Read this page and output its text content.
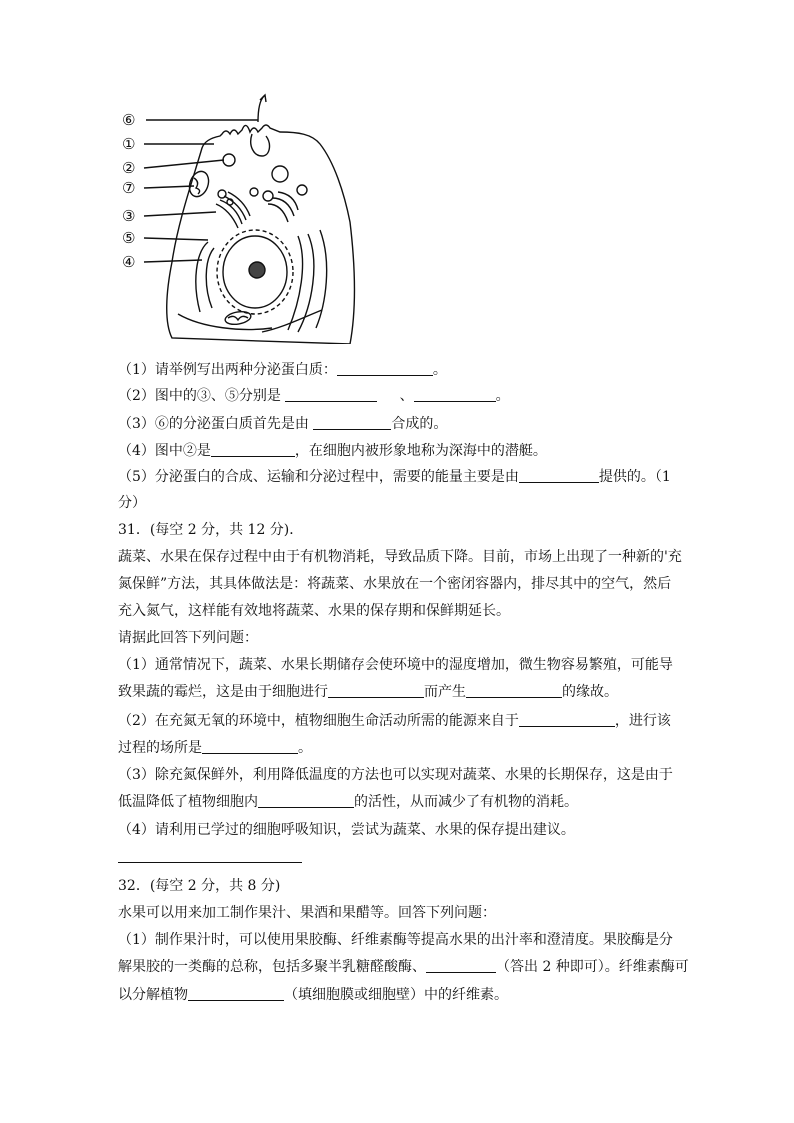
⑥
①
②
⑦
③
⑤
④
（1）请举例写出两种分泌蛋白质：	。
（2）图中的③、⑤分别是	、	。
（3）⑥的分泌蛋白质首先是由	合成的。
（4）图中②是	，在细胞内被形象地称为深海中的潜艇。
（5）分泌蛋白的合成、运输和分泌过程中，需要的能量主要是由	提供的。（1
分）
31．(每空 2 分，共 12 分)．
蔬菜、水果在保存过程中由于有机物消耗，导致品质下降。目前，市场上出现了一种新的'充
氮保鲜”方法，其具体做法是：将蔬菜、水果放在一个密闭容器内，排尽其中的空气，然后
充入氮气，这样能有效地将蔬菜、水果的保存期和保鲜期延长。
请据此回答下列问题：
（1）通常情况下，蔬菜、水果长期储存会使环境中的湿度增加，微生物容易繁殖，可能导
致果蔬的霉烂，这是由于细胞进行	而产生	的缘故。
（2）在充氮无氧的环境中，植物细胞生命活动所需的能源来自于	，进行该
过程的场所是	。
（3）除充氮保鲜外，利用降低温度的方法也可以实现对蔬菜、水果的长期保存，这是由于
低温降低了植物细胞内	的活性，从而减少了有机物的消耗。
（4）请利用已学过的细胞呼吸知识，尝试为蔬菜、水果的保存提出建议。
32．(每空 2 分，共 8 分)
水果可以用来加工制作果汁、果酒和果醋等。回答下列问题：
（1）制作果汁时，可以使用果胶酶、纤维素酶等提高水果的出汁率和澄清度。果胶酶是分
解果胶的一类酶的总称，包括多聚半乳糖醛酸酶、	（答出 2 种即可）。纤维素酶可
以分解植物	（填细胞膜或细胞壁）中的纤维素。
